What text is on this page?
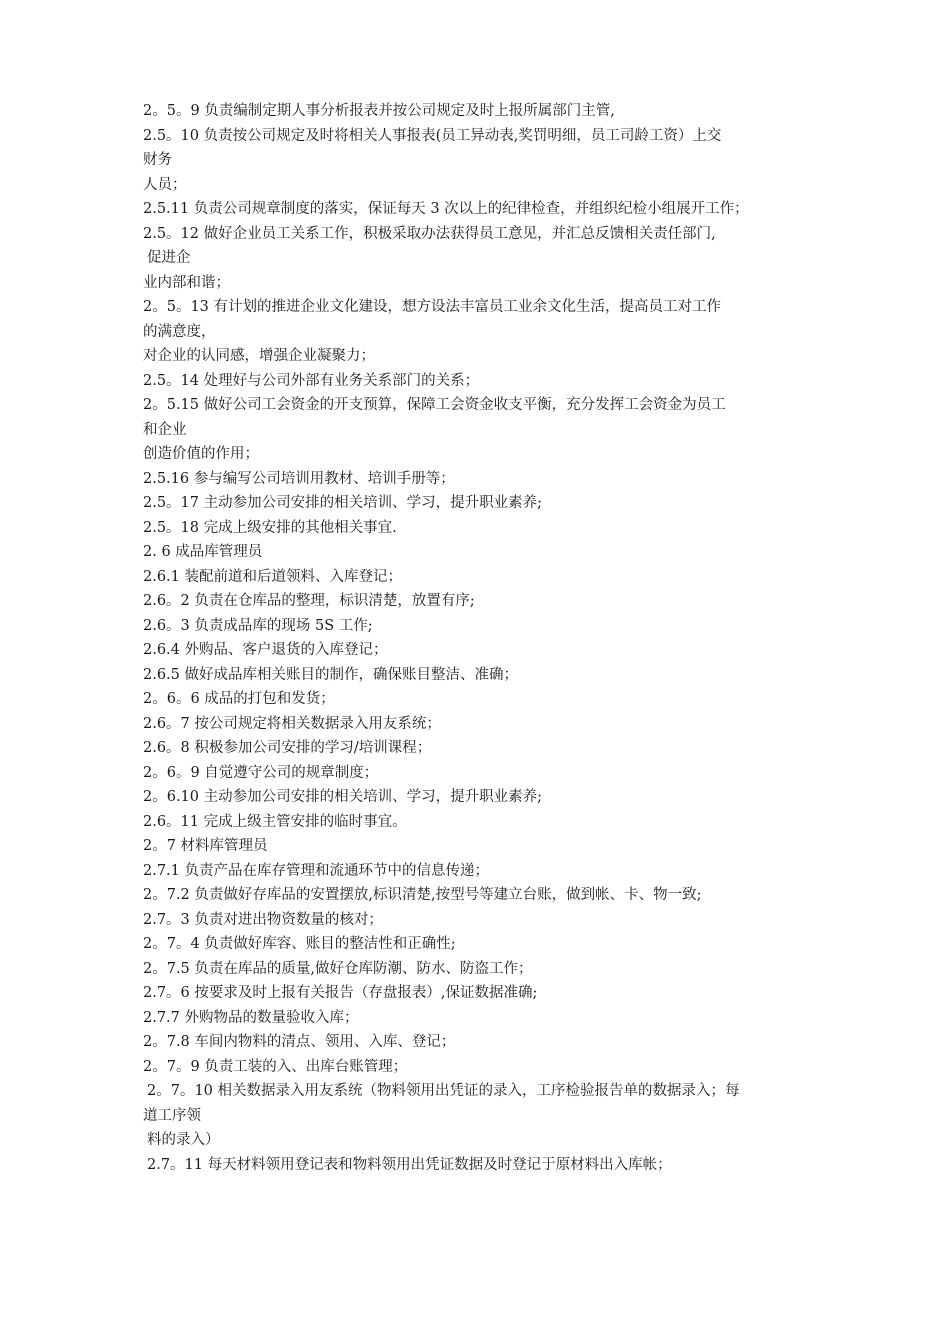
2。5。9 负责编制定期人事分析报表并按公司规定及时上报所属部门主管,
2.5。10 负责按公司规定及时将相关人事报表(员工异动表,奖罚明细，员工司龄工资）上交
财务
人员；
2.5.11 负责公司规章制度的落实，保证每天 3 次以上的纪律检查，并组织纪检小组展开工作；
2.5。12 做好企业员工关系工作，积极采取办法获得员工意见，并汇总反馈相关责任部门,
促进企
业内部和谐；
2。5。13 有计划的推进企业文化建设，想方设法丰富员工业余文化生活，提高员工对工作
的满意度，
对企业的认同感，增强企业凝聚力；
2.5。14 处理好与公司外部有业务关系部门的关系；
2。5.15 做好公司工会资金的开支预算，保障工会资金收支平衡，充分发挥工会资金为员工
和企业
创造价值的作用；
2.5.16 参与编写公司培训用教材、培训手册等；
2.5。17 主动参加公司安排的相关培训、学习，提升职业素养;
2.5。18 完成上级安排的其他相关事宜.
2. 6 成品库管理员
2.6.1 装配前道和后道领料、入库登记；
2.6。2 负责在仓库品的整理，标识清楚，放置有序;
2.6。3 负责成品库的现场 5S 工作;
2.6.4 外购品、客户退货的入库登记；
2.6.5 做好成品库相关账目的制作，确保账目整洁、准确；
2。6。6 成品的打包和发货；
2.6。7 按公司规定将相关数据录入用友系统；
2.6。8 积极参加公司安排的学习/培训课程；
2。6。9 自觉遵守公司的规章制度；
2。6.10 主动参加公司安排的相关培训、学习，提升职业素养;
2.6。11 完成上级主管安排的临时事宜。
2。7 材料库管理员
2.7.1 负责产品在库存管理和流通环节中的信息传递；
2。7.2 负责做好存库品的安置摆放,标识清楚,按型号等建立台账，做到帐、卡、物一致;
2.7。3 负责对进出物资数量的核对；
2。7。4 负责做好库容、账目的整洁性和正确性;
2。7.5 负责在库品的质量,做好仓库防潮、防水、防盗工作；
2.7。6 按要求及时上报有关报告（存盘报表）,保证数据准确;
2.7.7 外购物品的数量验收入库；
2。7.8 车间内物料的清点、领用、入库、登记；
2。7。9 负责工装的入、出库台账管理；
2。7。10 相关数据录入用友系统（物料领用出凭证的录入，工序检验报告单的数据录入；每
道工序领
料的录入）
2.7。11 每天材料领用登记表和物料领用出凭证数据及时登记于原材料出入库帐；
